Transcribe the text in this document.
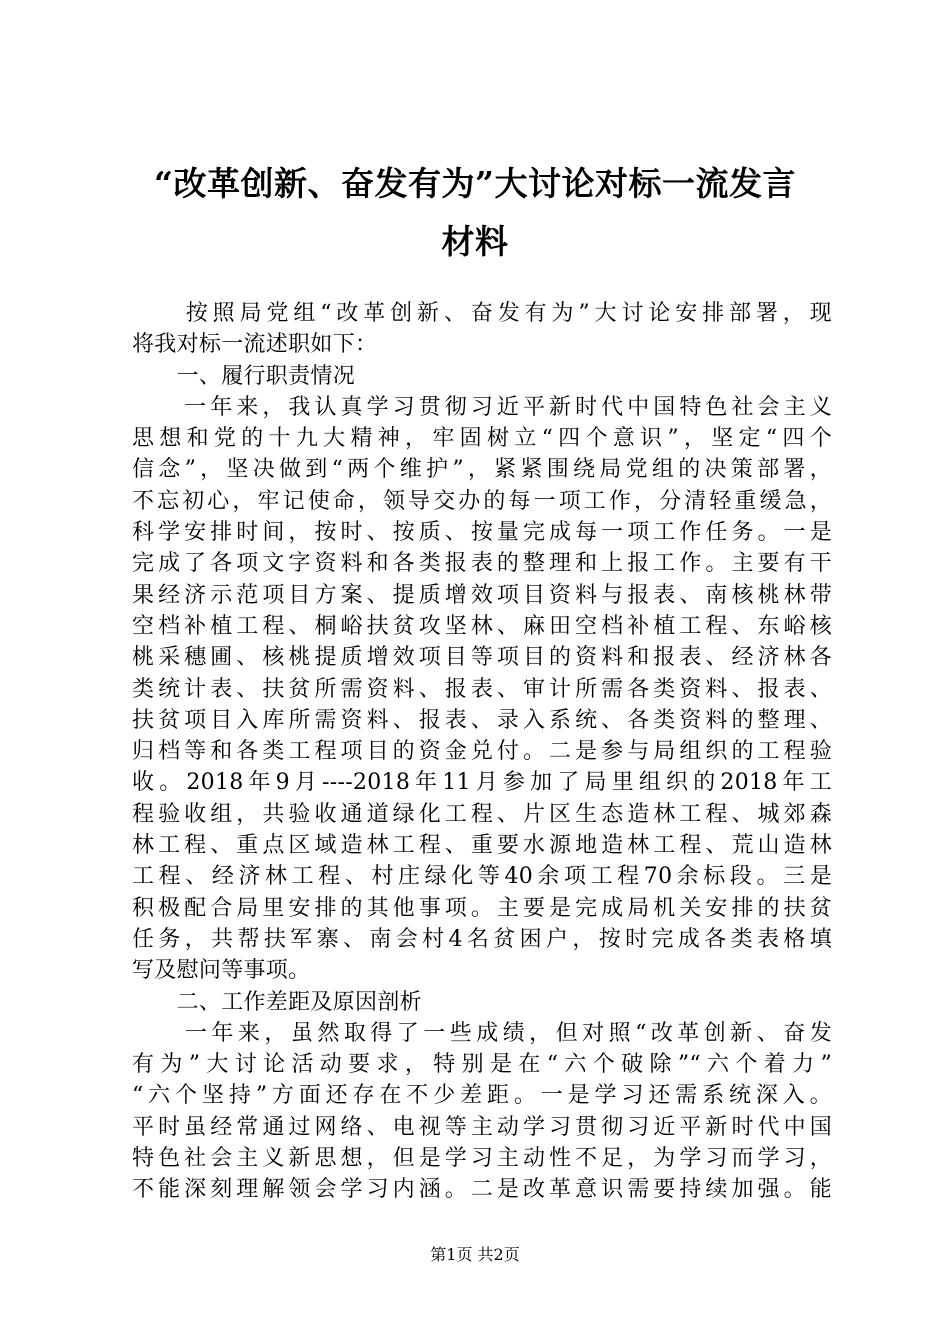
“改革创新、奋发有为”大讨论对标一流发言
材料
　　按照局党组“改革创新、奋发有为”大讨论安排部署，现
将我对标一流述职如下：
　　一、履行职责情况
　　一年来，我认真学习贯彻习近平新时代中国特色社会主义
思想和党的十九大精神，牢固树立“四个意识”，坚定“四个
信念”，坚决做到“两个维护”，紧紧围绕局党组的决策部署，
不忘初心，牢记使命，领导交办的每一项工作，分清轻重缓急，
科学安排时间，按时、按质、按量完成每一项工作任务。一是
完成了各项文字资料和各类报表的整理和上报工作。主要有干
果经济示范项目方案、提质增效项目资料与报表、南核桃林带
空档补植工程、桐峪扶贫攻坚林、麻田空档补植工程、东峪核
桃采穗圃、核桃提质增效项目等项目的资料和报表、经济林各
类统计表、扶贫所需资料、报表、审计所需各类资料、报表、
扶贫项目入库所需资料、报表、录入系统、各类资料的整理、
归档等和各类工程项目的资金兑付。二是参与局组织的工程验
收。2018年9月----2018年11月参加了局里组织的2018年工
程验收组，共验收通道绿化工程、片区生态造林工程、城郊森
林工程、重点区域造林工程、重要水源地造林工程、荒山造林
工程、经济林工程、村庄绿化等40余项工程70余标段。三是
积极配合局里安排的其他事项。主要是完成局机关安排的扶贫
任务，共帮扶军寨、南会村4名贫困户，按时完成各类表格填
写及慰问等事项。
　　二、工作差距及原因剖析
　　一年来，虽然取得了一些成绩，但对照“改革创新、奋发
有为”大讨论活动要求，特别是在“六个破除”“六个着力”
“六个坚持”方面还存在不少差距。一是学习还需系统深入。
平时虽经常通过网络、电视等主动学习贯彻习近平新时代中国
特色社会主义新思想，但是学习主动性不足，为学习而学习，
不能深刻理解领会学习内涵。二是改革意识需要持续加强。能
第1页 共2页
